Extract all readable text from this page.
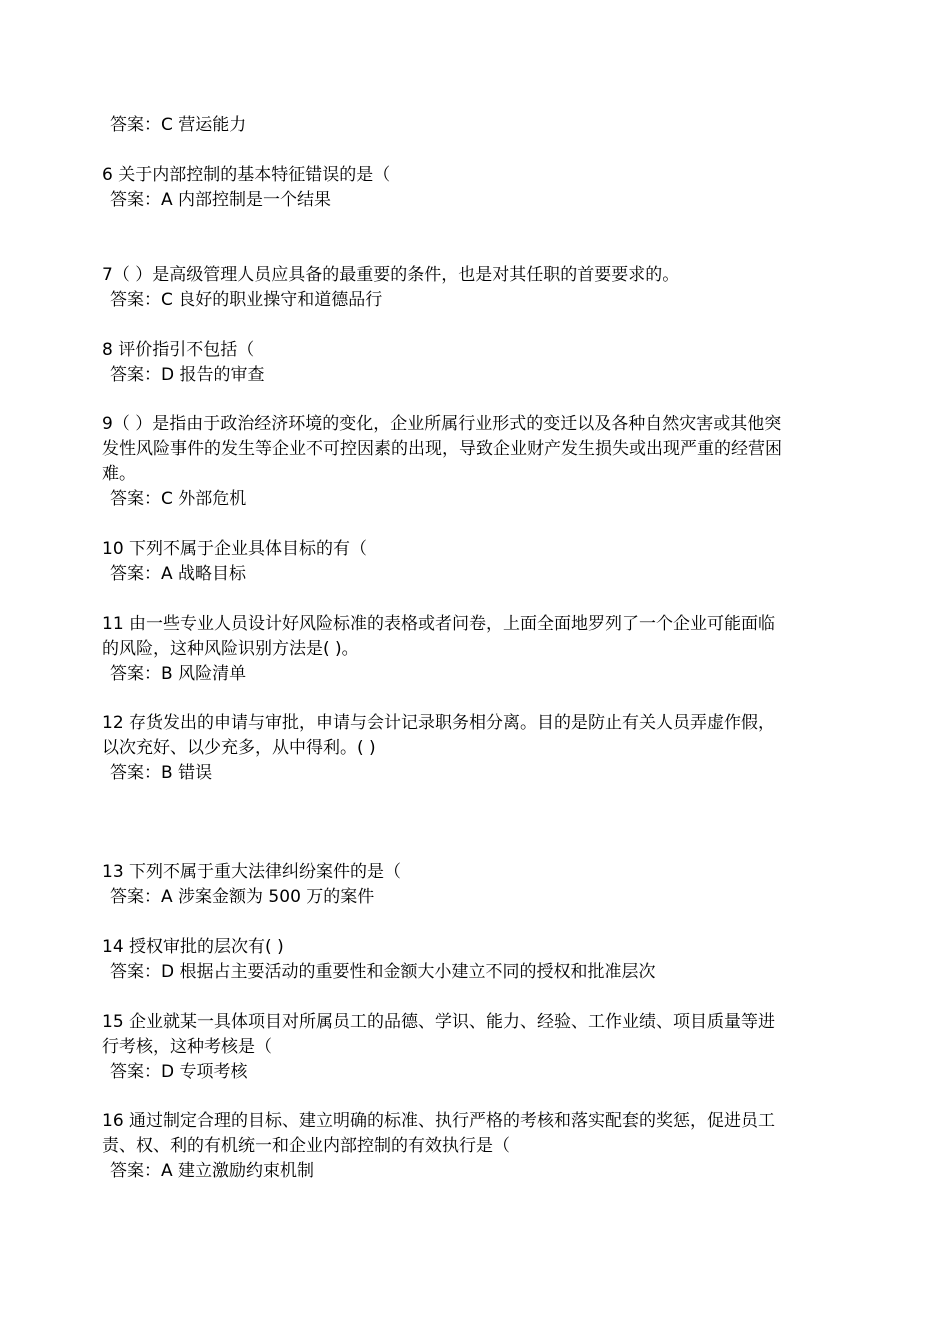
答案：C 营运能力
6 关于内部控制的基本特征错误的是（
答案：A 内部控制是一个结果
7（ ）是高级管理人员应具备的最重要的条件，也是对其任职的首要要求的。
答案：C 良好的职业操守和道德品行
8 评价指引不包括（
答案：D 报告的审查
9（ ）是指由于政治经济环境的变化，企业所属行业形式的变迁以及各种自然灾害或其他突
发性风险事件的发生等企业不可控因素的出现，导致企业财产发生损失或出现严重的经营困
难。
答案：C 外部危机
10 下列不属于企业具体目标的有（
答案：A 战略目标
11 由一些专业人员设计好风险标准的表格或者问卷，上面全面地罗列了一个企业可能面临
的风险，这种风险识别方法是( )。
答案：B 风险清单
12 存货发出的申请与审批，申请与会计记录职务相分离。目的是防止有关人员弄虚作假，
以次充好、以少充多，从中得利。( )
答案：B 错误
13 下列不属于重大法律纠纷案件的是（
答案：A 涉案金额为 500 万的案件
14 授权审批的层次有( )
答案：D 根据占主要活动的重要性和金额大小建立不同的授权和批准层次
15 企业就某一具体项目对所属员工的品德、学识、能力、经验、工作业绩、项目质量等进
行考核，这种考核是（
答案：D 专项考核
16 通过制定合理的目标、建立明确的标准、执行严格的考核和落实配套的奖惩，促进员工
责、权、利的有机统一和企业内部控制的有效执行是（
答案：A 建立激励约束机制
